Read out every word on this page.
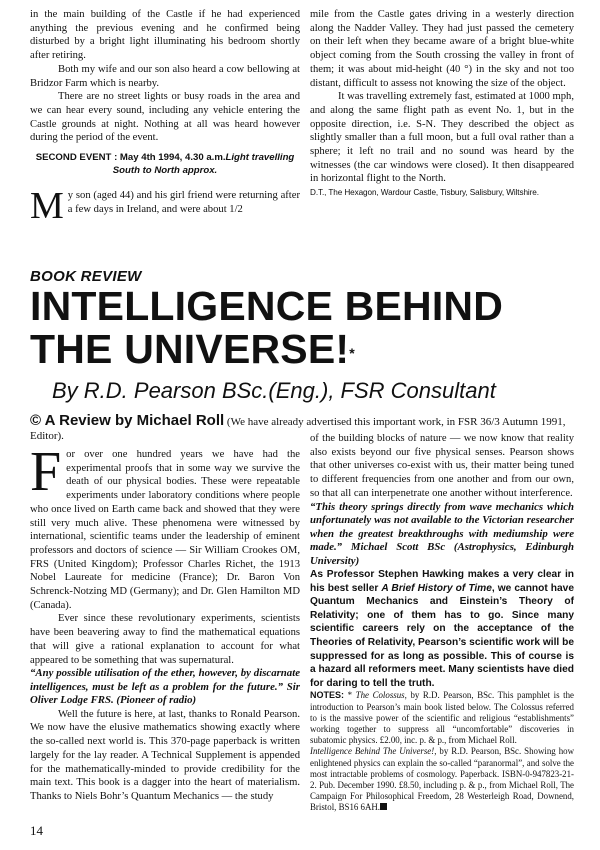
in the main building of the Castle if he had experienced anything the previous evening and he confirmed being disturbed by a bright light illuminating his bedroom shortly after retiring.

Both my wife and our son also heard a cow bellowing at Bridzor Farm which is nearby.

There are no street lights or busy roads in the area and we can hear every sound, including any vehicle entering the Castle grounds at night. Nothing at all was heard however during the period of the event.

SECOND EVENT : May 4th 1994, 4.30 a.m.Light travelling South to North approx.

My son (aged 44) and his girl friend were returning after a few days in Ireland, and were about 1/2

mile from the Castle gates driving in a westerly direction along the Nadder Valley. They had just passed the cemetery on their left when they became aware of a bright blue-white object coming from the South crossing the valley in front of them; it was about mid-height (40 °) in the sky and not too distant, difficult to assess not knowing the size of the object.

It was travelling extremely fast, estimated at 1000 mph, and along the same flight path as event No. 1, but in the opposite direction, i.e. S-N. They described the object as slightly smaller than a full moon, but a full oval rather than a sphere; it left no trail and no sound was heard by the witnesses (the car windows were closed). It then disappeared in horizontal flight to the North.

D.T., The Hexagon, Wardour Castle, Tisbury, Salisbury, Wiltshire.

BOOK REVIEW
INTELLIGENCE BEHIND THE UNIVERSE!*
By R.D. Pearson BSc.(Eng.), FSR Consultant
© A Review by Michael Roll (We have already advertised this important work, in FSR 36/3 Autumn 1991, Editor).

For over one hundred years we have had the experimental proofs that in some way we survive the death of our physical bodies. These were repeatable experiments under laboratory conditions where people who once lived on Earth came back and showed that they were still very much alive. These phenomena were witnessed by international, scientific teams under the leadership of eminent professors and doctors of science — Sir William Crookes OM, FRS (United Kingdom); Professor Charles Richet, the 1913 Nobel Laureate for medicine (France); Dr. Baron Von Schrenck-Notzing MD (Germany); and Dr. Glen Hamilton MD (Canada).

Ever since these revolutionary experiments, scientists have been beavering away to find the mathematical equations that will give a rational explanation to account for what appeared to be something that was supernatural.

“Any possible utilisation of the ether, however, by discarnate intelligences, must be left as a problem for the future.” Sir Oliver Lodge FRS. (Pioneer of radio)

Well the future is here, at last, thanks to Ronald Pearson. We now have the elusive mathematics showing exactly where the so-called next world is. This 370-page paperback is written largely for the lay reader. A Technical Supplement is appended for the mathematically-minded to provide credibility for the main text. This book is a dagger into the heart of materialism. Thanks to Niels Bohr’s Quantum Mechanics — the study

of the building blocks of nature — we now know that reality also exists beyond our five physical senses. Pearson shows that other universes co-exist with us, their matter being tuned to different frequencies from one another and from our own, so that all can interpenetrate one another without interference.

“This theory springs directly from wave mechanics which unfortunately was not available to the Victorian researcher when the greatest breakthroughs with mediumship were made.” Michael Scott BSc (Astrophysics, Edinburgh University)

As Professor Stephen Hawking makes a very clear in his best seller A Brief History of Time, we cannot have Quantum Mechanics and Einstein’s Theory of Relativity; one of them has to go. Since many scientific careers rely on the acceptance of the Theories of Relativity, Pearson’s scientific work will be suppressed for as long as possible. This of course is a hazard all reformers meet. Many scientists have died for daring to tell the truth.

NOTES: * The Colossus, by R.D. Pearson, BSc. This pamphlet is the introduction to Pearson’s main book listed below. The Colossus referred to is the massive power of the scientific and religious “establishments” working together to suppress all “uncomfortable” discoveries in subatomic physics. £2.00, inc. p. & p., from Michael Roll.

Intelligence Behind The Universe!, by R.D. Pearson, BSc. Showing how enlightened physics can explain the so-called “paranormal”, and solve the most intractable problems of cosmology. Paperback. ISBN-0-947823-21-2. Pub. December 1990. £8.50, including p. & p., from Michael Roll, The Campaign For Philosophical Freedom, 28 Westerleigh Road, Downend, Bristol, BS16 6AH.

14
